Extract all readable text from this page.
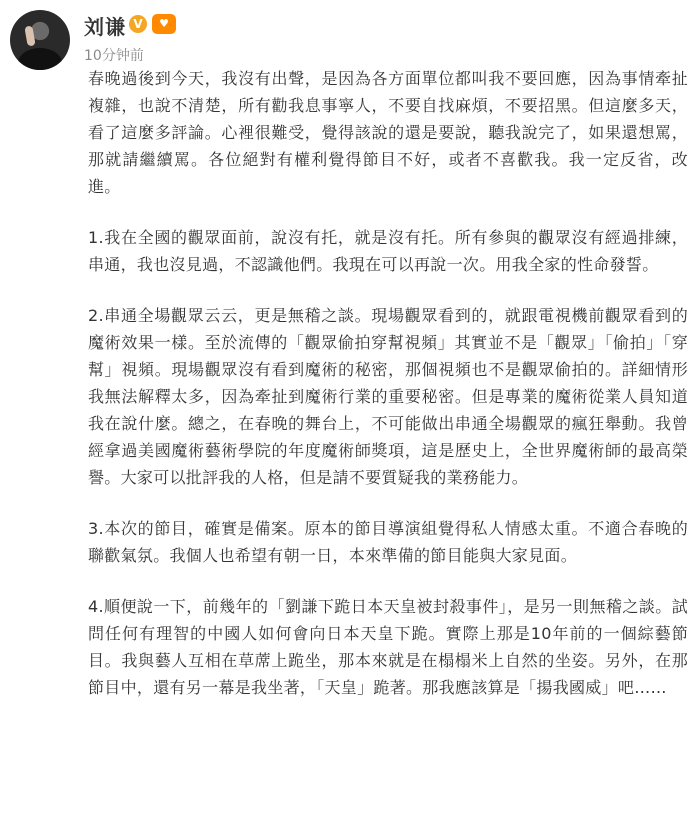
刘谦 V	♥
10分钟前

春晚過後到今天，我沒有出聲，是因為各方面單位都叫我不要回應，因為事情牽扯複雜，也說不清楚，所有勸我息事寧人，不要自找麻煩，不要招黑。但這麼多天，看了這麼多評論。心裡很難受，覺得該說的還是要說，聽我說完了，如果還想罵，那就請繼續罵。各位絕對有權利覺得節目不好，或者不喜歡我。我一定反省，改進。

1.我在全國的觀眾面前，說沒有托，就是沒有托。所有參與的觀眾沒有經過排練，串通，我也沒見過，不認識他們。我現在可以再說一次。用我全家的性命發誓。

2.串通全場觀眾云云，更是無稽之談。現場觀眾看到的，就跟電視機前觀眾看到的魔術效果一樣。至於流傳的「觀眾偷拍穿幫視頻」其實並不是「觀眾」「偷拍」「穿幫」視頻。現場觀眾沒有看到魔術的秘密，那個視頻也不是觀眾偷拍的。詳細情形我無法解釋太多，因為牽扯到魔術行業的重要秘密。但是專業的魔術從業人員知道我在說什麼。總之，在春晚的舞台上，不可能做出串通全場觀眾的瘋狂舉動。我曾經拿過美國魔術藝術學院的年度魔術師獎項，這是歷史上，全世界魔術師的最高榮譽。大家可以批評我的人格，但是請不要質疑我的業務能力。

3.本次的節目，確實是備案。原本的節目導演組覺得私人情感太重。不適合春晚的聯歡氣氛。我個人也希望有朝一日，本來準備的節目能與大家見面。

4.順便說一下，前幾年的「劉謙下跪日本天皇被封殺事件」，是另一則無稽之談。試問任何有理智的中國人如何會向日本天皇下跪。實際上那是10年前的一個綜藝節目。我與藝人互相在草蓆上跪坐，那本來就是在榻榻米上自然的坐姿。另外，在那節目中，還有另一幕是我坐著，「天皇」跪著。那我應該算是「揚我國威」吧……
